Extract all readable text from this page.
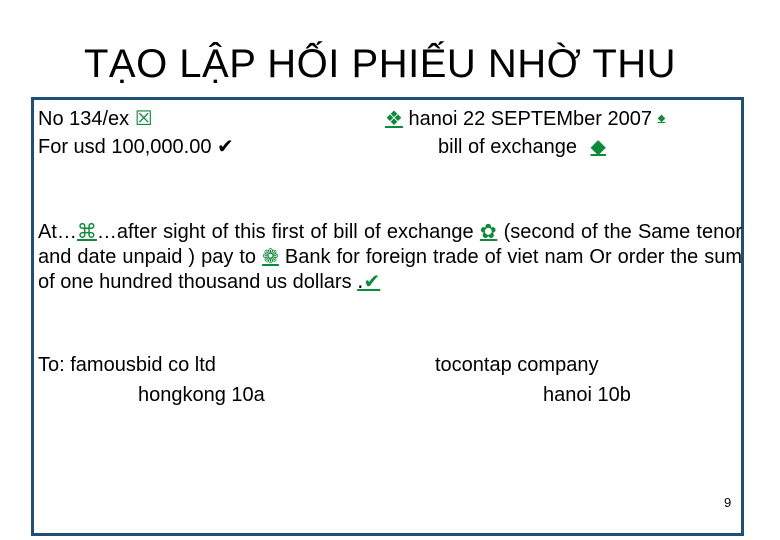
TẠO LẬP HỐI PHIẾU NHỜ THU
No 134/ex ☒
For usd 100,000.00 ✔
❖ hanoi 22 SEPTEMber 2007 ◆
bill of exchange ◆
At…⌘…after sight of this first of bill of exchange ✿ (second of the Same tenor and date unpaid ) pay to ❁ Bank for foreign trade of viet nam Or order the sum of one hundred thousand us dollars .✔
To: famousbid co ltd
hongkong 10a
tocontap company
hanoi 10b
9
